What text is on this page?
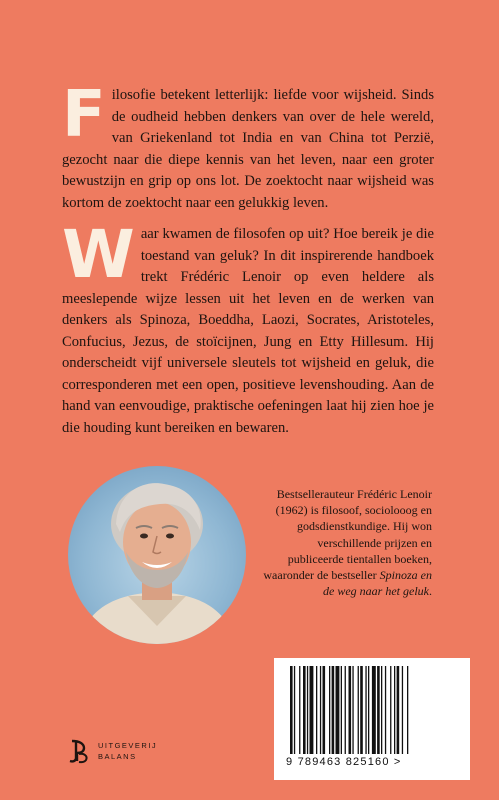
Filosofie betekent letterlijk: liefde voor wijsheid. Sinds de oudheid hebben denkers van over de hele wereld, van Griekenland tot India en van China tot Perzië, gezocht naar die diepe kennis van het leven, naar een groter bewustzijn en grip op ons lot. De zoektocht naar wijsheid was kortom de zoektocht naar een gelukkig leven.

Waar kwamen de filosofen op uit? Hoe bereik je die toestand van geluk? In dit inspirerende handboek trekt Frédéric Lenoir op even heldere als meeslepende wijze lessen uit het leven en de werken van denkers als Spinoza, Boeddha, Laozi, Socrates, Aristoteles, Confucius, Jezus, de stoïcijnen, Jung en Etty Hillesum. Hij onderscheidt vijf universele sleutels tot wijsheid en geluk, die corresponderen met een open, positieve levenshouding. Aan de hand van eenvoudige, praktische oefeningen laat hij zien hoe je die houding kunt bereiken en bewaren.

Bestsellerauteur Frédéric Lenoir (1962) is filosoof, sociolooog en godsdienstkundige. Hij won verschillende prijzen en publiceerde tientallen boeken, waaronder de bestseller Spinoza en de weg naar het geluk.

UITGEVERIJ
BALANS	9 789463 825160 >
